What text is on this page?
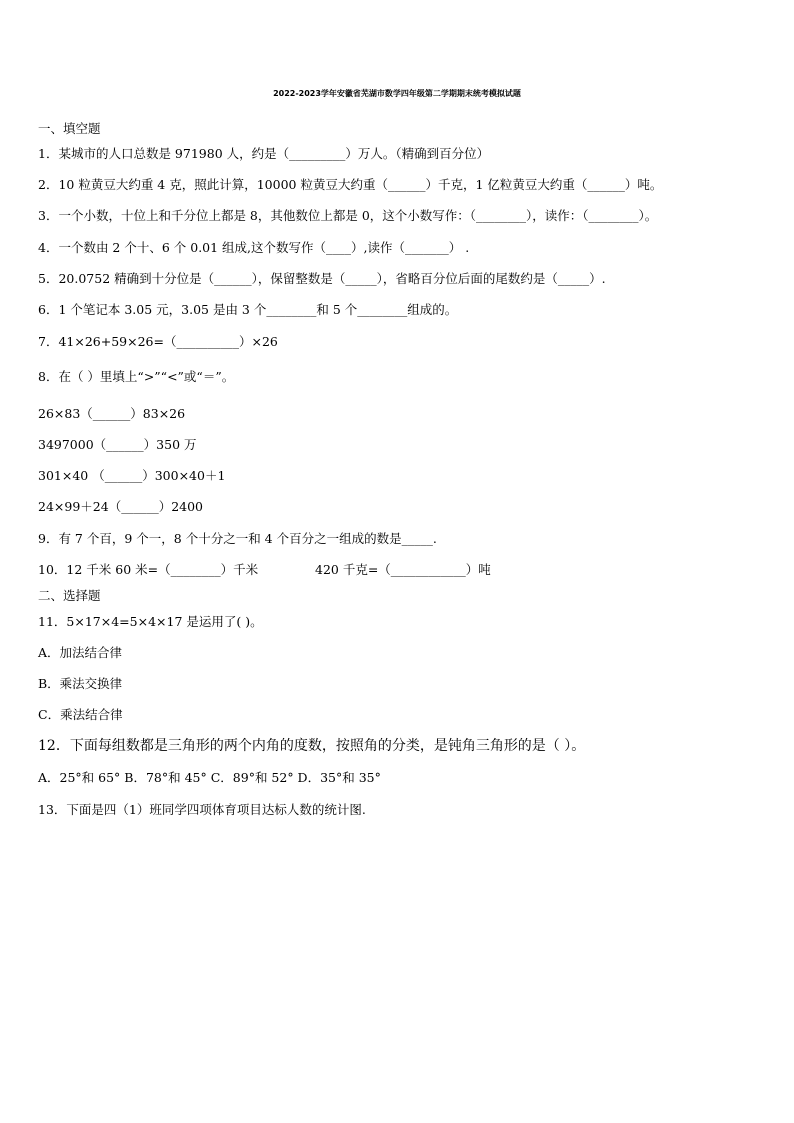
2022-2023学年安徽省芜湖市数学四年级第二学期期末统考模拟试题
一、填空题
1．某城市的人口总数是 971980 人，约是（_________）万人。（精确到百分位）
2．10 粒黄豆大约重 4 克，照此计算，10000 粒黄豆大约重（______）千克，1 亿粒黄豆大约重（______）吨。
3．一个小数，十位上和千分位上都是 8，其他数位上都是 0，这个小数写作：（________），读作：（________）。
4．一个数由 2 个十、6 个 0.01 组成,这个数写作（____）,读作（_______） .
5．20.0752 精确到十分位是（______），保留整数是（_____），省略百分位后面的尾数约是（_____）.
6．1 个笔记本 3.05 元，3.05 是由 3 个________和 5 个________组成的。
7．41×26+59×26=（__________）×26
8．在（ ）里填上“>”“<”或“＝”。
26×83（______）83×26
3497000（______）350 万
301×40 （______）300×40＋1
24×99＋24（______）2400
9．有 7 个百，9 个一，8 个十分之一和 4 个百分之一组成的数是_____.
10．12 千米 60 米=（________）千米	420 千克=（____________）吨
二、选择题
11．5×17×4=5×4×17 是运用了( )。
A．加法结合律
B．乘法交换律
C．乘法结合律
12．下面每组数都是三角形的两个内角的度数，按照角的分类，是钝角三角形的是（ ）。
A．25°和 65° B．78°和 45° C．89°和 52° D．35°和 35°
13．下面是四（1）班同学四项体育项目达标人数的统计图.
